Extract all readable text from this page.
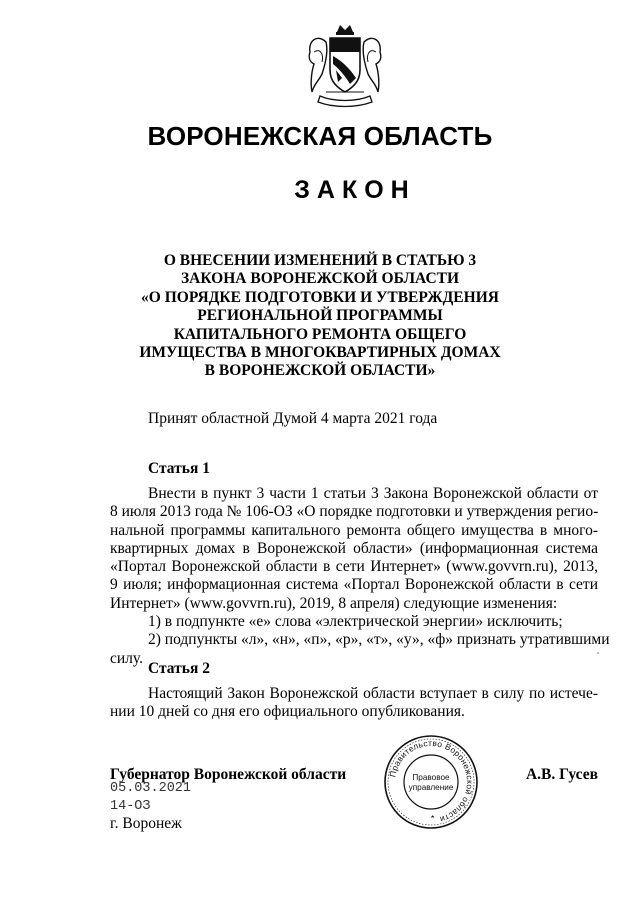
ВОРОНЕЖСКАЯ ОБЛАСТЬ
ЗАКОН
О ВНЕСЕНИИ ИЗМЕНЕНИЙ В СТАТЬЮ 3
ЗАКОНА ВОРОНЕЖСКОЙ ОБЛАСТИ
«О ПОРЯДКЕ ПОДГОТОВКИ И УТВЕРЖДЕНИЯ
РЕГИОНАЛЬНОЙ ПРОГРАММЫ
КАПИТАЛЬНОГО РЕМОНТА ОБЩЕГО
ИМУЩЕСТВА В МНОГОКВАРТИРНЫХ ДОМАХ
В ВОРОНЕЖСКОЙ ОБЛАСТИ»
Принят областной Думой 4 марта 2021 года
Статья 1
Внести в пункт 3 части 1 статьи 3 Закона Воронежской области от
8 июля 2013 года № 106-ОЗ «О порядке подготовки и утверждения регио-
нальной программы капитального ремонта общего имущества в много-
квартирных домах в Воронежской области» (информационная система
«Портал Воронежской области в сети Интернет» (www.govvrn.ru), 2013,
9 июля; информационная система «Портал Воронежской области в сети
Интернет» (www.govvrn.ru), 2019, 8 апреля) следующие изменения:
1) в подпункте «е» слова «электрической энергии» исключить;
2) подпункты «л», «н», «п», «р», «т», «у», «ф» признать утратившими
силу.
Статья 2
Настоящий Закон Воронежской области вступает в силу по истече-
нии 10 дней со дня его официального опубликования.
Правительство Воронежской области
Правовое
управление
Губернатор Воронежской области	А.В. Гусев
05.03.2021
14-ОЗ
г. Воронеж
